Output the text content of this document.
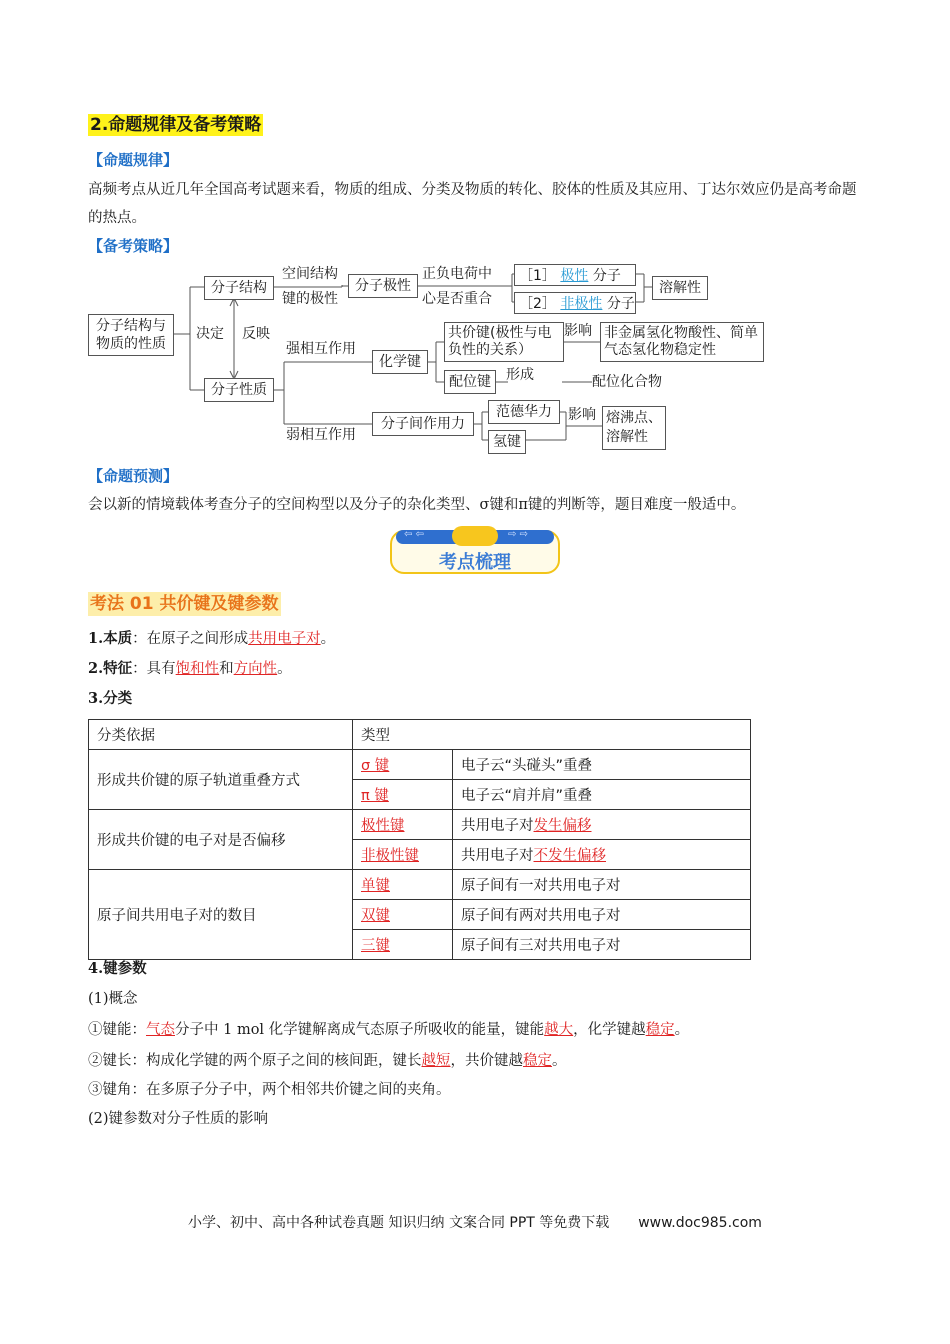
2.命题规律及备考策略
【命题规律】
高频考点从近几年全国高考试题来看，物质的组成、分类及物质的转化、胶体的性质及其应用、丁达尔效应仍是高考命题的热点。
【备考策略】
分子结构与物质的性质
分子结构
分子性质
决定 反映
空间结构
键的极性
分子极性
正负电荷中
心是否重合
［1］ 极性 分子
［2］ 非极性 分子
溶解性
强相互作用
弱相互作用
化学键
共价键(极性与电负性的关系）
影响 非金属氢化物酸性、简单气态氢化物稳定性
配位键	形成	配位化合物
分子间作用力
范德华力
氢键
影响 熔沸点、溶解性
【命题预测】
会以新的情境载体考查分子的空间构型以及分子的杂化类型、σ键和π键的判断等，题目难度一般适中。
⇦ ⇦	⇨ ⇨
考点梳理
考法 01 共价键及键参数
1.本质：在原子之间形成共用电子对。
2.特征：具有饱和性和方向性。
3.分类
分类依据	类型	
形成共价键的原子轨道重叠方式	σ 键	电子云“头碰头”重叠
	π 键	电子云“肩并肩”重叠
形成共价键的电子对是否偏移	极性键	共用电子对发生偏移
	非极性键	共用电子对不发生偏移
原子间共用电子对的数目	单键	原子间有一对共用电子对
	双键	原子间有两对共用电子对
	三键	原子间有三对共用电子对
4.键参数
(1)概念
①键能：气态分子中 1 mol 化学键解离成气态原子所吸收的能量，键能越大，化学键越稳定。
②键长：构成化学键的两个原子之间的核间距，键长越短，共价键越稳定。
③键角：在多原子分子中，两个相邻共价键之间的夹角。
(2)键参数对分子性质的影响
小学、初中、高中各种试卷真题 知识归纳 文案合同 PPT 等免费下载 www.doc985.com
